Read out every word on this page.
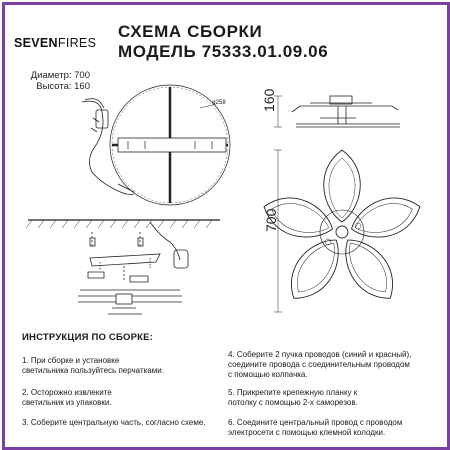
SEVENFIRES
СХЕМА СБОРКИ
МОДЕЛЬ 75333.01.09.06
Диаметр: 700
Высота: 160
ø258	160
700
ИНСТРУКЦИЯ ПО СБОРКЕ:

1. При сборке и установке

светильника пользуйтесь перчатками.

2. Осторожно извлеките

светильник из упаковки.

3. Соберите центральную часть, согласно схеме.

4. Соберите 2 пучка проводов (синий и красный),

соедините провода с соединительным проводом

с помощью колпачка.

5. Прикрепите крепежную планку к

потолку с помощью 2-х саморезов.

6. Соедините центральный провод с проводом

электросети с помощью клемной колодки.
